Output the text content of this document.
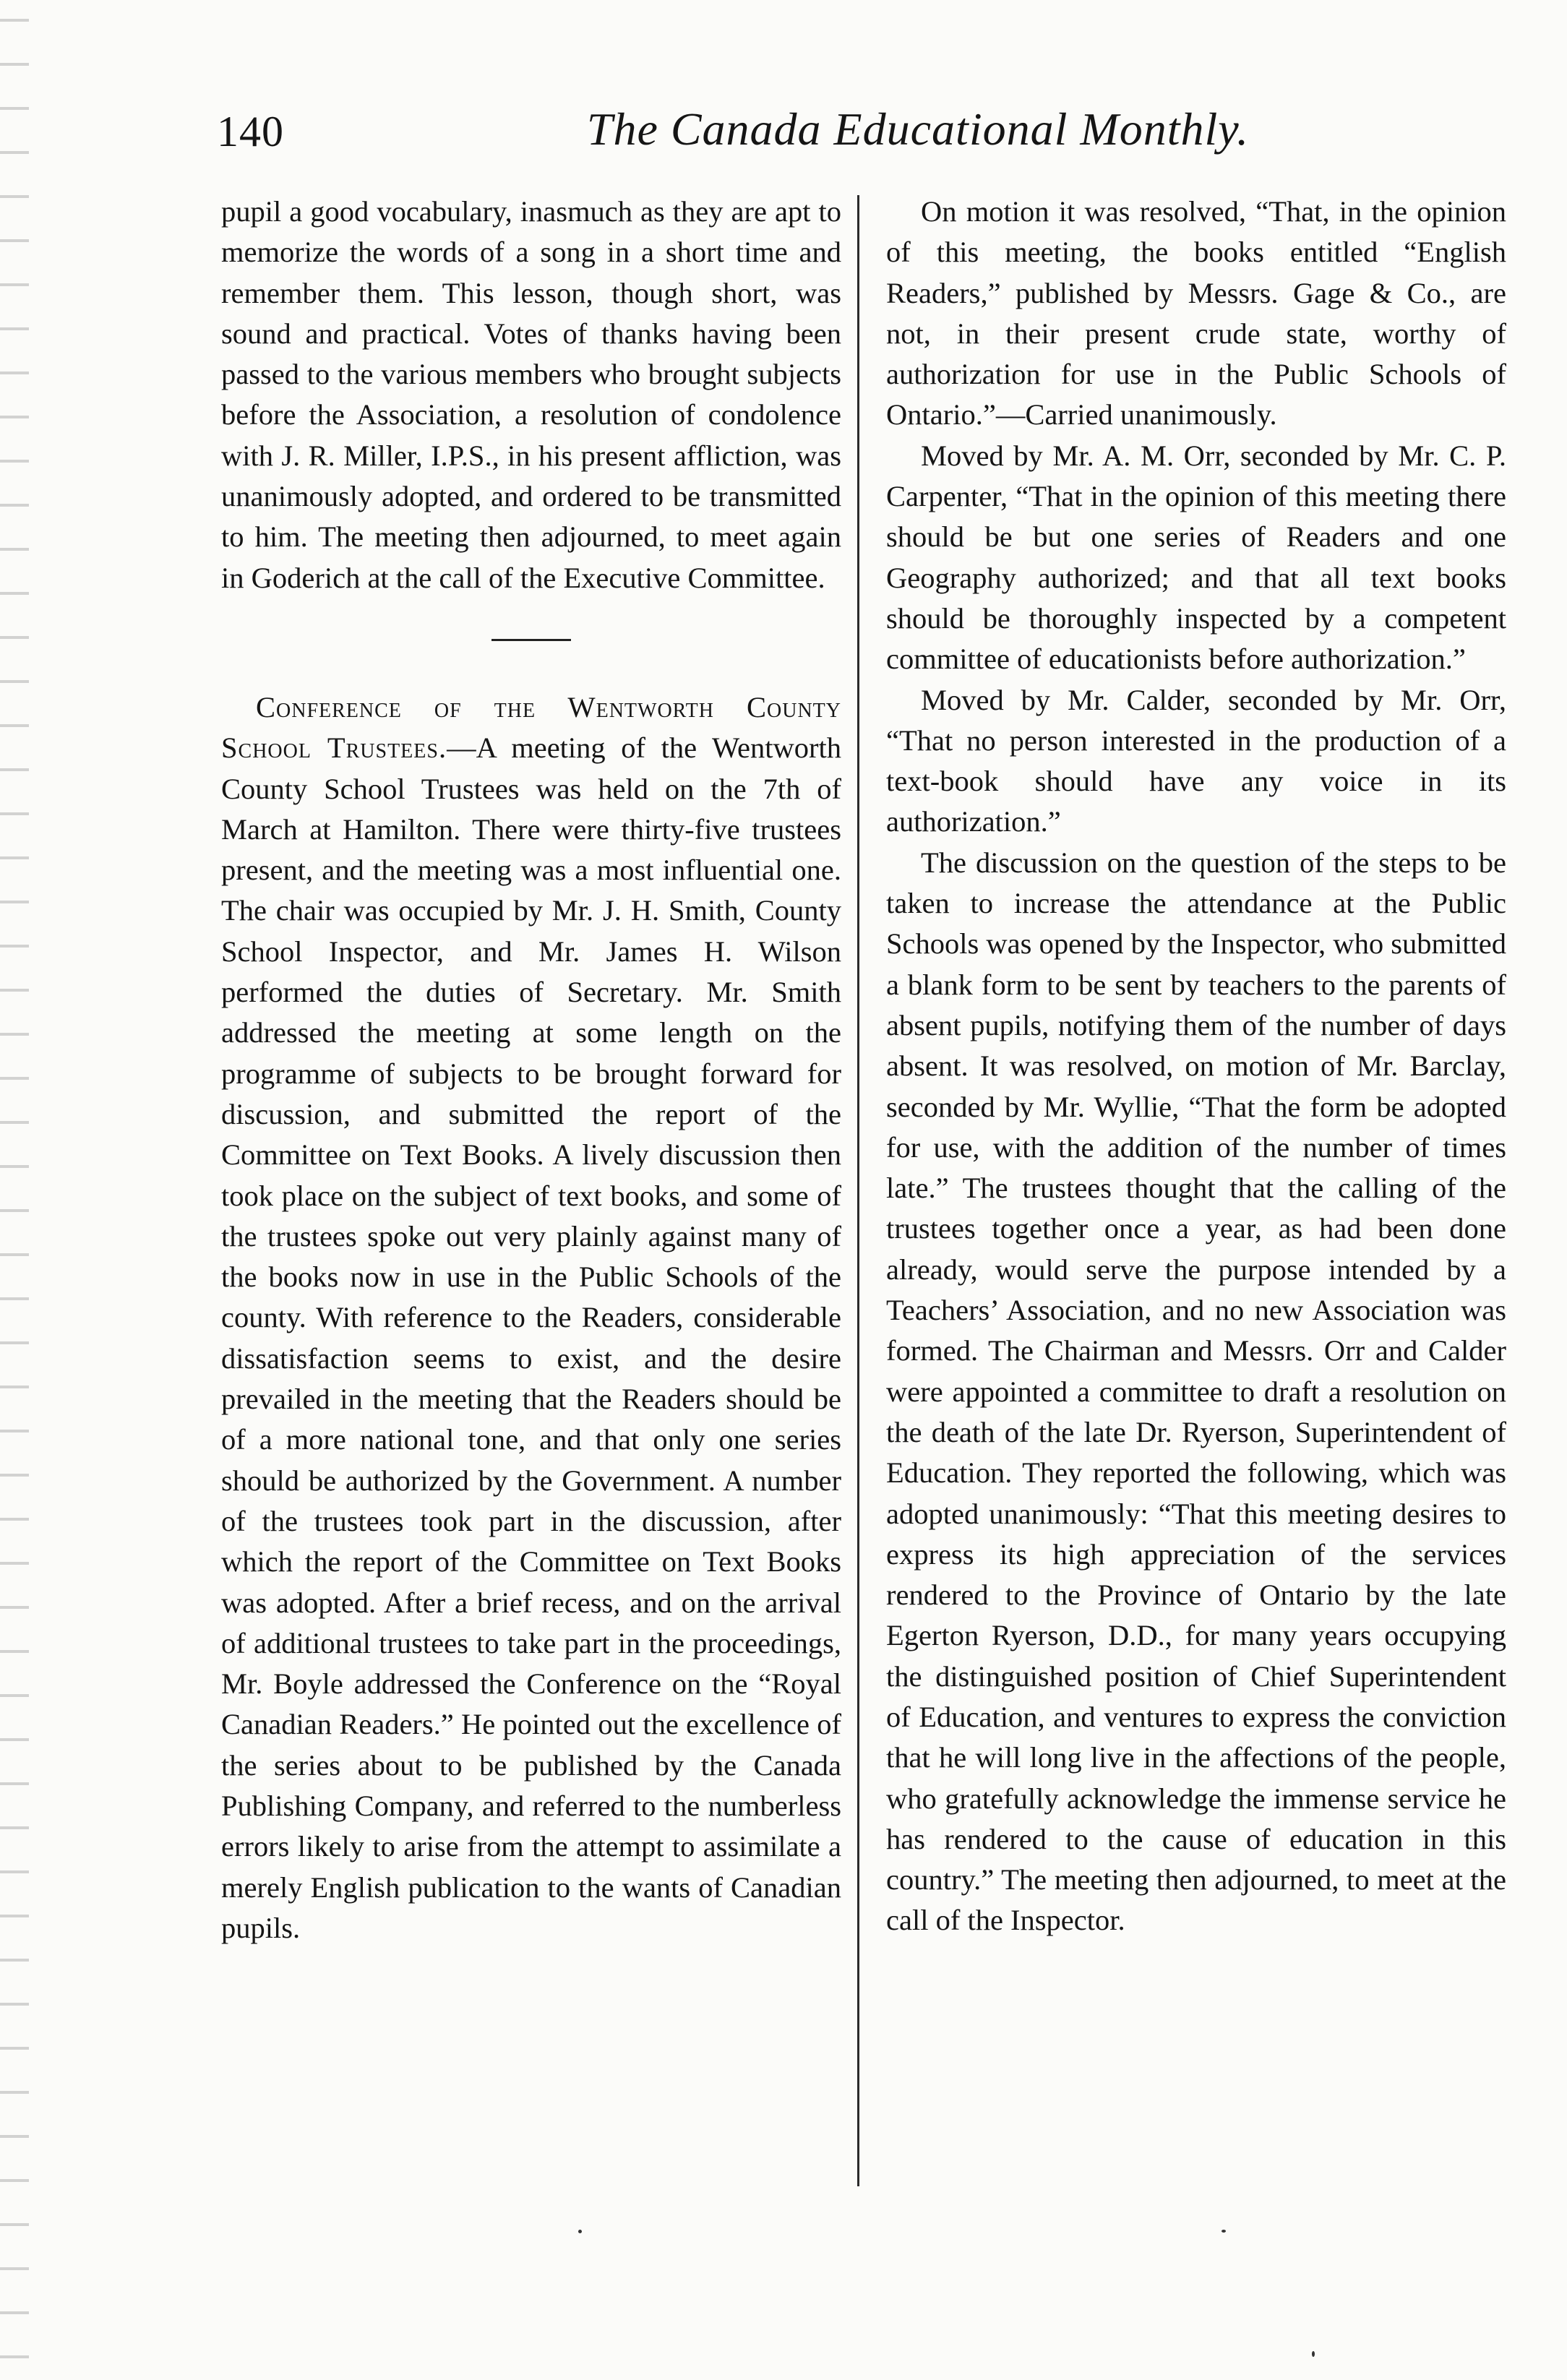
140	The Canada Educational Monthly.

pupil a good vocabulary, inasmuch as they are apt to memorize the words of a song in a short time and remember them. This lesson, though short, was sound and practical. Votes of thanks having been passed to the various members who brought subjects before the Association, a resolution of condolence with J. R. Miller, I.P.S., in his present affliction, was unanimously adopted, and ordered to be transmitted to him. The meeting then adjourned, to meet again in Goderich at the call of the Executive Committee.

Conference of the Wentworth County School Trustees.—A meeting of the Wentworth County School Trustees was held on the 7th of March at Hamilton. There were thirty-five trustees present, and the meeting was a most influential one. The chair was occupied by Mr. J. H. Smith, County School Inspector, and Mr. James H. Wilson performed the duties of Secretary. Mr. Smith addressed the meeting at some length on the programme of subjects to be brought forward for discussion, and submitted the report of the Committee on Text Books. A lively discussion then took place on the subject of text books, and some of the trustees spoke out very plainly against many of the books now in use in the Public Schools of the county. With reference to the Readers, considerable dissatisfaction seems to exist, and the desire prevailed in the meeting that the Readers should be of a more national tone, and that only one series should be authorized by the Government. A number of the trustees took part in the discussion, after which the report of the Committee on Text Books was adopted. After a brief recess, and on the arrival of additional trustees to take part in the proceedings, Mr. Boyle addressed the Conference on the “Royal Canadian Readers.” He pointed out the excellence of the series about to be published by the Canada Publishing Company, and referred to the numberless errors likely to arise from the attempt to assimilate a merely English publication to the wants of Canadian pupils.

On motion it was resolved, “That, in the opinion of this meeting, the books entitled “English Readers,” published by Messrs. Gage & Co., are not, in their present crude state, worthy of authorization for use in the Public Schools of Ontario.”—Carried unanimously.

Moved by Mr. A. M. Orr, seconded by Mr. C. P. Carpenter, “That in the opinion of this meeting there should be but one series of Readers and one Geography authorized; and that all text books should be thoroughly inspected by a competent committee of educationists before authorization.”

Moved by Mr. Calder, seconded by Mr. Orr, “That no person interested in the production of a text-book should have any voice in its authorization.”

The discussion on the question of the steps to be taken to increase the attendance at the Public Schools was opened by the Inspector, who submitted a blank form to be sent by teachers to the parents of absent pupils, notifying them of the number of days absent. It was resolved, on motion of Mr. Barclay, seconded by Mr. Wyllie, “That the form be adopted for use, with the addition of the number of times late.” The trustees thought that the calling of the trustees together once a year, as had been done already, would serve the purpose intended by a Teachers’ Association, and no new Association was formed. The Chairman and Messrs. Orr and Calder were appointed a committee to draft a resolution on the death of the late Dr. Ryerson, Superintendent of Education. They reported the following, which was adopted unanimously: “That this meeting desires to express its high appreciation of the services rendered to the Province of Ontario by the late Egerton Ryerson, D.D., for many years occupying the distinguished position of Chief Superintendent of Education, and ventures to express the conviction that he will long live in the affections of the people, who gratefully acknowledge the immense service he has rendered to the cause of education in this country.” The meeting then adjourned, to meet at the call of the Inspector.
